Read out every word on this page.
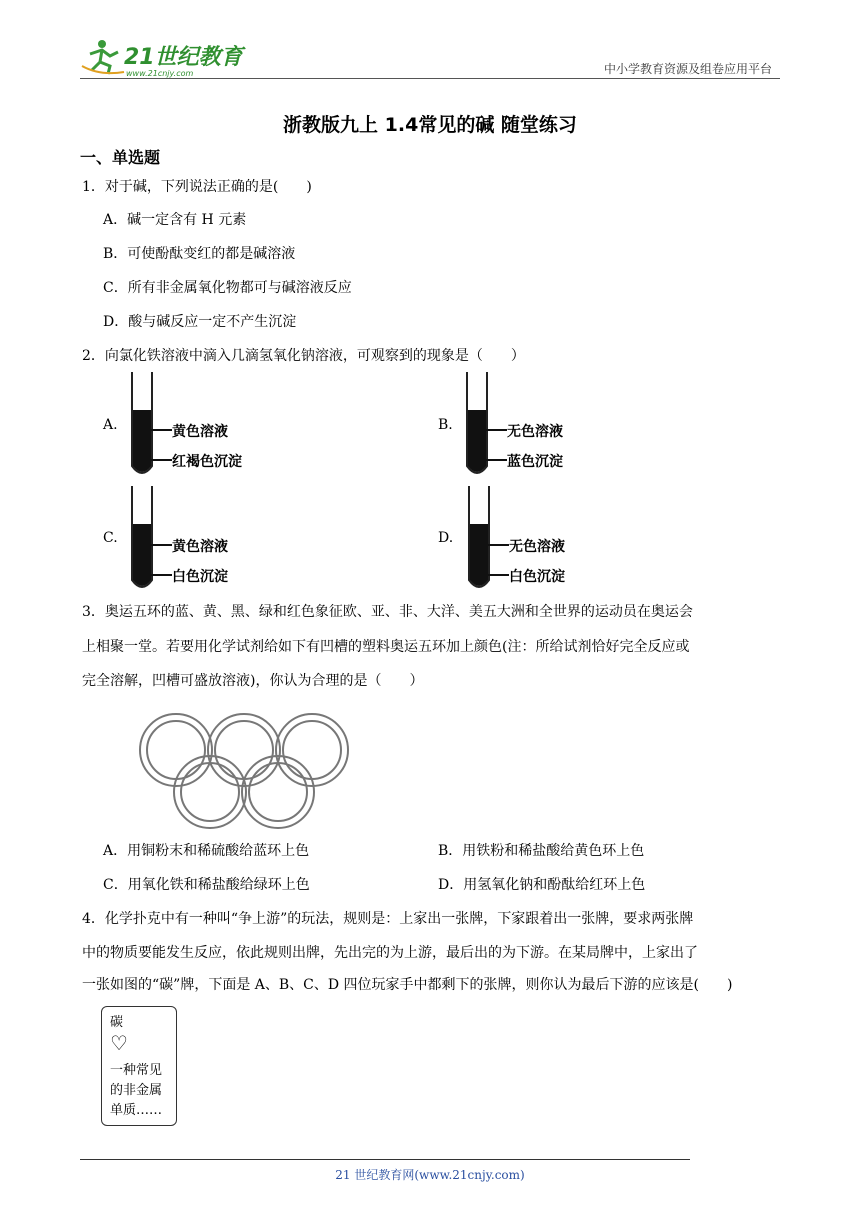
21世纪教育
www.21cnjy.com	中小学教育资源及组卷应用平台
浙教版九上 1.4常见的碱 随堂练习
一、单选题
1．对于碱，下列说法正确的是(　　)
A．碱一定含有 H 元素
B．可使酚酞变红的都是碱溶液
C．所有非金属氧化物都可与碱溶液反应
D．酸与碱反应一定不产生沉淀
2．向氯化铁溶液中滴入几滴氢氧化钠溶液，可观察到的现象是（　　）
A.	黄色溶液
红褐色沉淀
B.	无色溶液
蓝色沉淀
C.
黄色溶液
白色沉淀
D.
无色溶液
白色沉淀
3．奥运五环的蓝、黄、黑、绿和红色象征欧、亚、非、大洋、美五大洲和全世界的运动员在奥运会
上相聚一堂。若要用化学试剂给如下有凹槽的塑料奥运五环加上颜色(注：所给试剂恰好完全反应或
完全溶解，凹槽可盛放溶液)，你认为合理的是（　　）
A．用铜粉末和稀硫酸给蓝环上色	B．用铁粉和稀盐酸给黄色环上色
C．用氧化铁和稀盐酸给绿环上色	D．用氢氧化钠和酚酞给红环上色
4．化学扑克中有一种叫“争上游”的玩法，规则是：上家出一张牌，下家跟着出一张牌，要求两张牌
中的物质要能发生反应，依此规则出牌，先出完的为上游，最后出的为下游。在某局牌中，上家出了
一张如图的“碳”牌，下面是 A、B、C、D 四位玩家手中都剩下的张牌，则你认为最后下游的应该是(　　)
碳
♡
一种常见
的非金属
单质……
21 世纪教育网(www.21cnjy.com)
